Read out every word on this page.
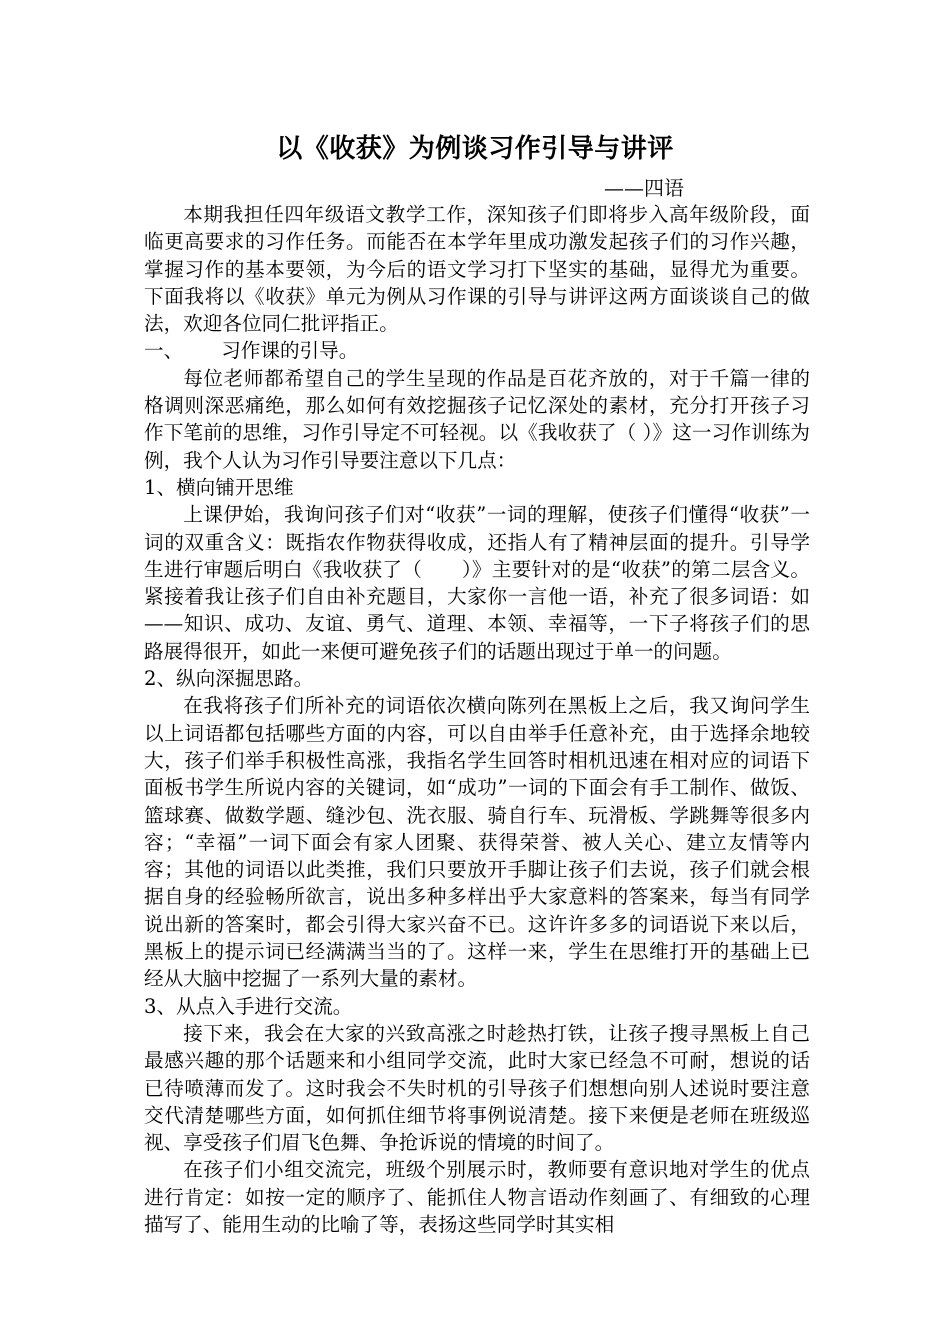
以《收获》为例谈习作引导与讲评
——四语

本期我担任四年级语文教学工作，深知孩子们即将步入高年级阶段，面临更高要求的习作任务。而能否在本学年里成功激发起孩子们的习作兴趣，掌握习作的基本要领，为今后的语文学习打下坚实的基础，显得尤为重要。下面我将以《收获》单元为例从习作课的引导与讲评这两方面谈谈自己的做法，欢迎各位同仁批评指正。

一、 习作课的引导。

每位老师都希望自己的学生呈现的作品是百花齐放的，对于千篇一律的格调则深恶痛绝，那么如何有效挖掘孩子记忆深处的素材，充分打开孩子习作下笔前的思维，习作引导定不可轻视。以《我收获了（ ）》这一习作训练为例，我个人认为习作引导要注意以下几点：

1、横向铺开思维

上课伊始，我询问孩子们对“收获”一词的理解，使孩子们懂得“收获”一词的双重含义：既指农作物获得收成，还指人有了精神层面的提升。引导学生进行审题后明白《我收获了（　　）》主要针对的是“收获”的第二层含义。紧接着我让孩子们自由补充题目，大家你一言他一语，补充了很多词语：如——知识、成功、友谊、勇气、道理、本领、幸福等，一下子将孩子们的思路展得很开，如此一来便可避免孩子们的话题出现过于单一的问题。

2、纵向深掘思路。

在我将孩子们所补充的词语依次横向陈列在黑板上之后，我又询问学生以上词语都包括哪些方面的内容，可以自由举手任意补充，由于选择余地较大，孩子们举手积极性高涨，我指名学生回答时相机迅速在相对应的词语下面板书学生所说内容的关键词，如“成功”一词的下面会有手工制作、做饭、篮球赛、做数学题、缝沙包、洗衣服、骑自行车、玩滑板、学跳舞等很多内容；“幸福”一词下面会有家人团聚、获得荣誉、被人关心、建立友情等内容；其他的词语以此类推，我们只要放开手脚让孩子们去说，孩子们就会根据自身的经验畅所欲言，说出多种多样出乎大家意料的答案来，每当有同学说出新的答案时，都会引得大家兴奋不已。这许许多多的词语说下来以后，黑板上的提示词已经满满当当的了。这样一来，学生在思维打开的基础上已经从大脑中挖掘了一系列大量的素材。

3、从点入手进行交流。

接下来，我会在大家的兴致高涨之时趁热打铁，让孩子搜寻黑板上自己最感兴趣的那个话题来和小组同学交流，此时大家已经急不可耐，想说的话已待喷薄而发了。这时我会不失时机的引导孩子们想想向别人述说时要注意交代清楚哪些方面，如何抓住细节将事例说清楚。接下来便是老师在班级巡视、享受孩子们眉飞色舞、争抢诉说的情境的时间了。

在孩子们小组交流完，班级个别展示时，教师要有意识地对学生的优点进行肯定：如按一定的顺序了、能抓住人物言语动作刻画了、有细致的心理描写了、能用生动的比喻了等，表扬这些同学时其实相
